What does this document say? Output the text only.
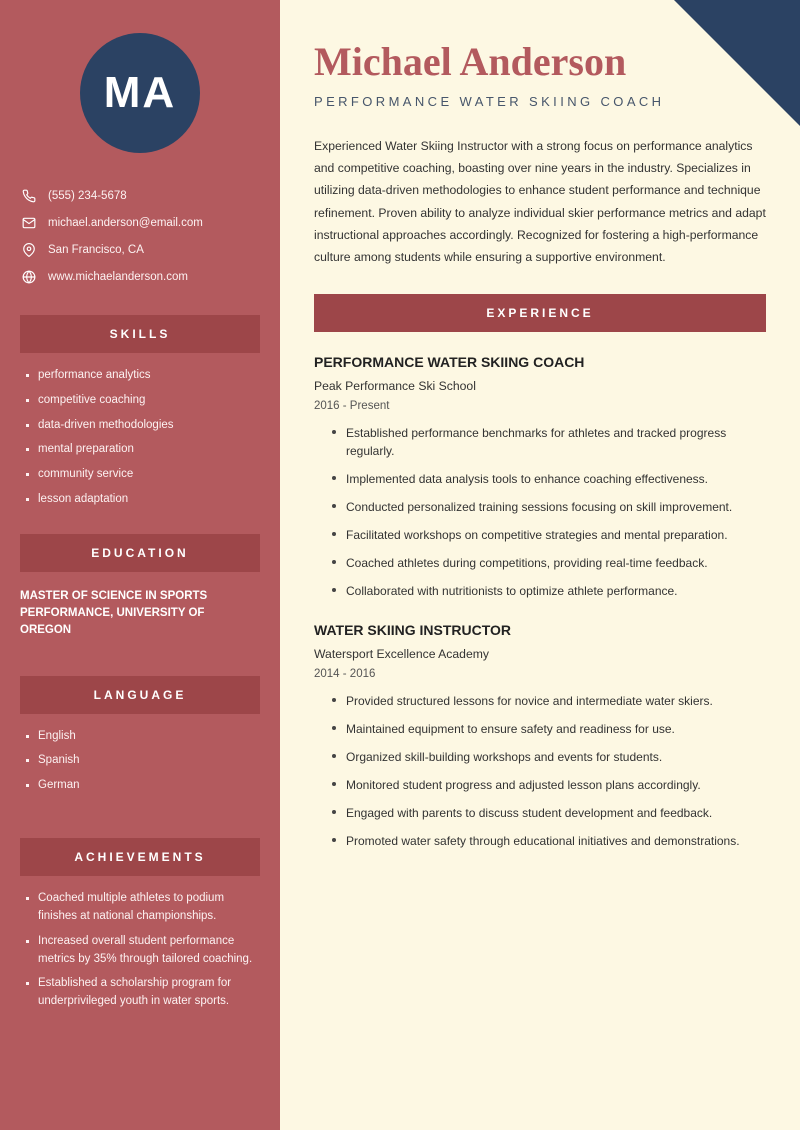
MA
(555) 234-5678
michael.anderson@email.com
San Francisco, CA
www.michaelanderson.com
SKILLS
performance analytics
competitive coaching
data-driven methodologies
mental preparation
community service
lesson adaptation
EDUCATION
MASTER OF SCIENCE IN SPORTS PERFORMANCE, UNIVERSITY OF OREGON
LANGUAGE
English
Spanish
German
ACHIEVEMENTS
Coached multiple athletes to podium finishes at national championships.
Increased overall student performance metrics by 35% through tailored coaching.
Established a scholarship program for underprivileged youth in water sports.
Michael Anderson
PERFORMANCE WATER SKIING COACH

Experienced Water Skiing Instructor with a strong focus on performance analytics and competitive coaching, boasting over nine years in the industry. Specializes in utilizing data-driven methodologies to enhance student performance and technique refinement. Proven ability to analyze individual skier performance metrics and adapt instructional approaches accordingly. Recognized for fostering a high-performance culture among students while ensuring a supportive environment.

EXPERIENCE
PERFORMANCE WATER SKIING COACH
Peak Performance Ski School
2016 - Present
Established performance benchmarks for athletes and tracked progress regularly.
Implemented data analysis tools to enhance coaching effectiveness.
Conducted personalized training sessions focusing on skill improvement.
Facilitated workshops on competitive strategies and mental preparation.
Coached athletes during competitions, providing real-time feedback.
Collaborated with nutritionists to optimize athlete performance.
WATER SKIING INSTRUCTOR
Watersport Excellence Academy
2014 - 2016
Provided structured lessons for novice and intermediate water skiers.
Maintained equipment to ensure safety and readiness for use.
Organized skill-building workshops and events for students.
Monitored student progress and adjusted lesson plans accordingly.
Engaged with parents to discuss student development and feedback.
Promoted water safety through educational initiatives and demonstrations.
